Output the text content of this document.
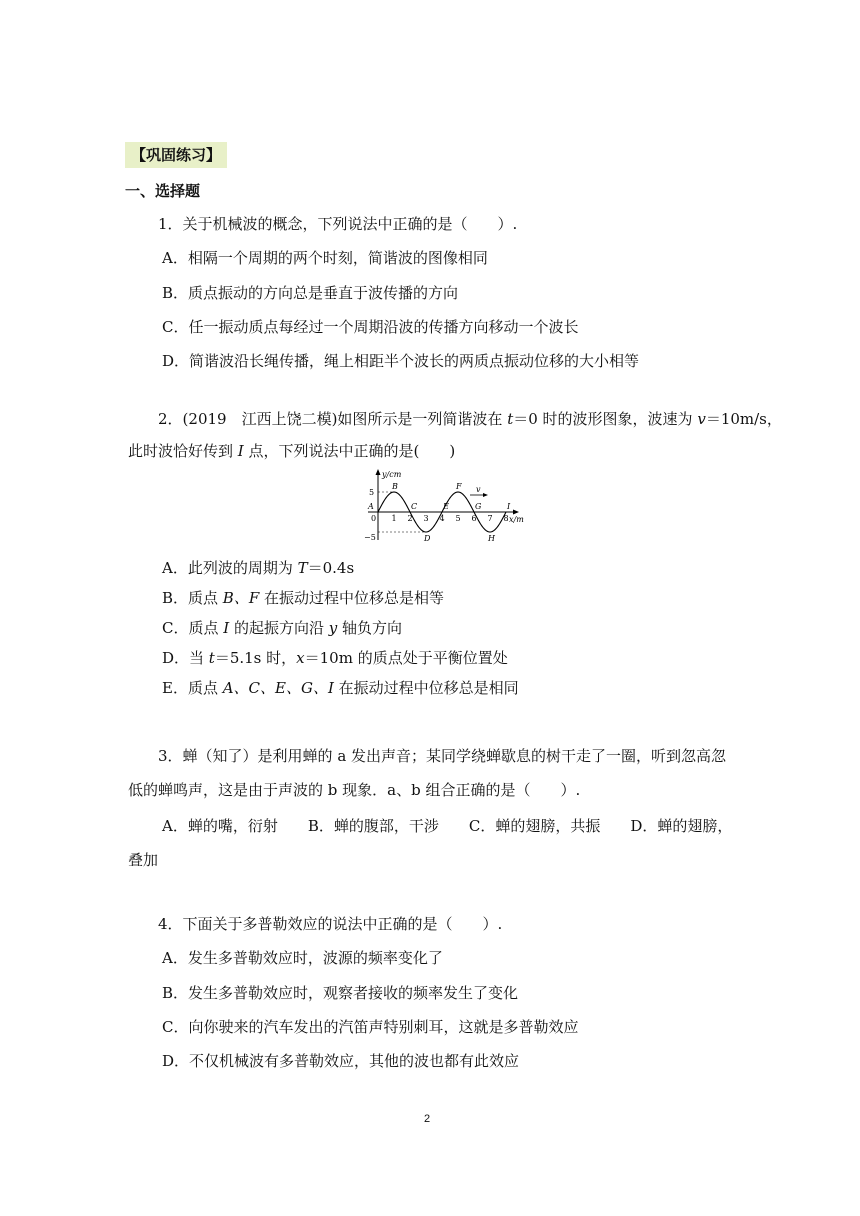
【巩固练习】
一、选择题
1．关于机械波的概念，下列说法中正确的是（　　）.
A．相隔一个周期的两个时刻，简谐波的图像相同
B．质点振动的方向总是垂直于波传播的方向
C．任一振动质点每经过一个周期沿波的传播方向移动一个波长
D．简谐波沿长绳传播，绳上相距半个波长的两质点振动位移的大小相等
2．(2019　江西上饶二模)如图所示是一列简谐波在 t＝0 时的波形图象，波速为 v＝10m/s，
此时波恰好传到 I 点，下列说法中正确的是(　　)
y/cm
x/m
5
0
−5
v
1 2 3 4 5 6 7 8
A
B
C
D
E
F
G
H
I
A．此列波的周期为 T＝0.4s
B．质点 B、F 在振动过程中位移总是相等
C．质点 I 的起振方向沿 y 轴负方向
D．当 t＝5.1s 时，x＝10m 的质点处于平衡位置处
E．质点 A、C、E、G、I 在振动过程中位移总是相同
3．蝉（知了）是利用蝉的 a 发出声音；某同学绕蝉歇息的树干走了一圈，听到忽高忽
低的蝉鸣声，这是由于声波的 b 现象．a、b 组合正确的是（　　）.
A．蝉的嘴，衍射　　B．蝉的腹部，干涉　　C．蝉的翅膀，共振　　D．蝉的翅膀，
叠加
4．下面关于多普勒效应的说法中正确的是（　　）.
A．发生多普勒效应时，波源的频率变化了
B．发生多普勒效应时，观察者接收的频率发生了变化
C．向你驶来的汽车发出的汽笛声特别刺耳，这就是多普勒效应
D．不仅机械波有多普勒效应，其他的波也都有此效应
2
